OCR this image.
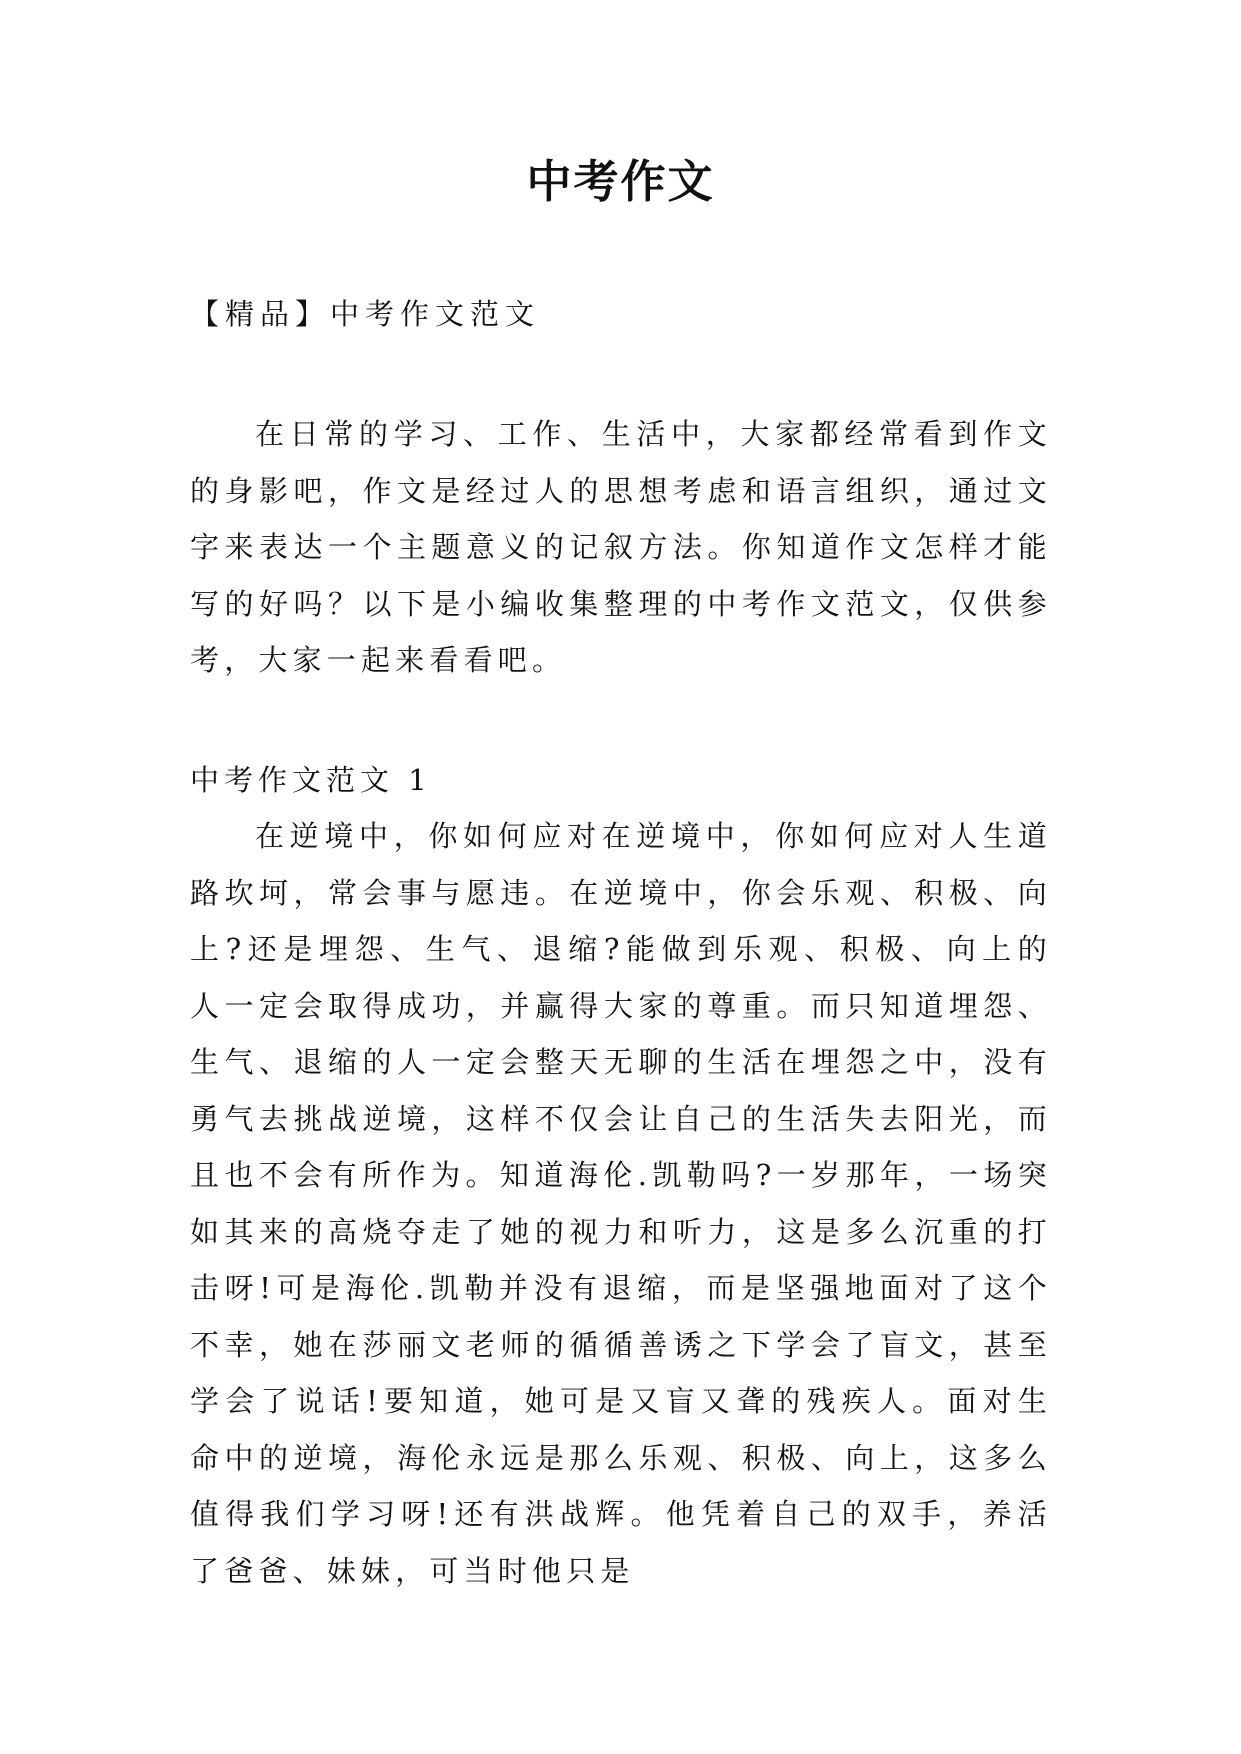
中考作文
【精品】中考作文范文

在日常的学习、工作、生活中，大家都经常看到作文的身影吧，作文是经过人的思想考虑和语言组织，通过文字来表达一个主题意义的记叙方法。你知道作文怎样才能写的好吗？以下是小编收集整理的中考作文范文，仅供参考，大家一起来看看吧。

中考作文范文 1

在逆境中，你如何应对在逆境中，你如何应对人生道路坎坷，常会事与愿违。在逆境中，你会乐观、积极、向上?还是埋怨、生气、退缩?能做到乐观、积极、向上的人一定会取得成功，并赢得大家的尊重。而只知道埋怨、生气、退缩的人一定会整天无聊的生活在埋怨之中，没有勇气去挑战逆境，这样不仅会让自己的生活失去阳光，而且也不会有所作为。知道海伦.凯勒吗?一岁那年，一场突如其来的高烧夺走了她的视力和听力，这是多么沉重的打击呀!可是海伦.凯勒并没有退缩，而是坚强地面对了这个不幸，她在莎丽文老师的循循善诱之下学会了盲文，甚至学会了说话!要知道，她可是又盲又聋的残疾人。面对生命中的逆境，海伦永远是那么乐观、积极、向上，这多么值得我们学习呀!还有洪战辉。他凭着自己的双手，养活了爸爸、妹妹，可当时他只是
